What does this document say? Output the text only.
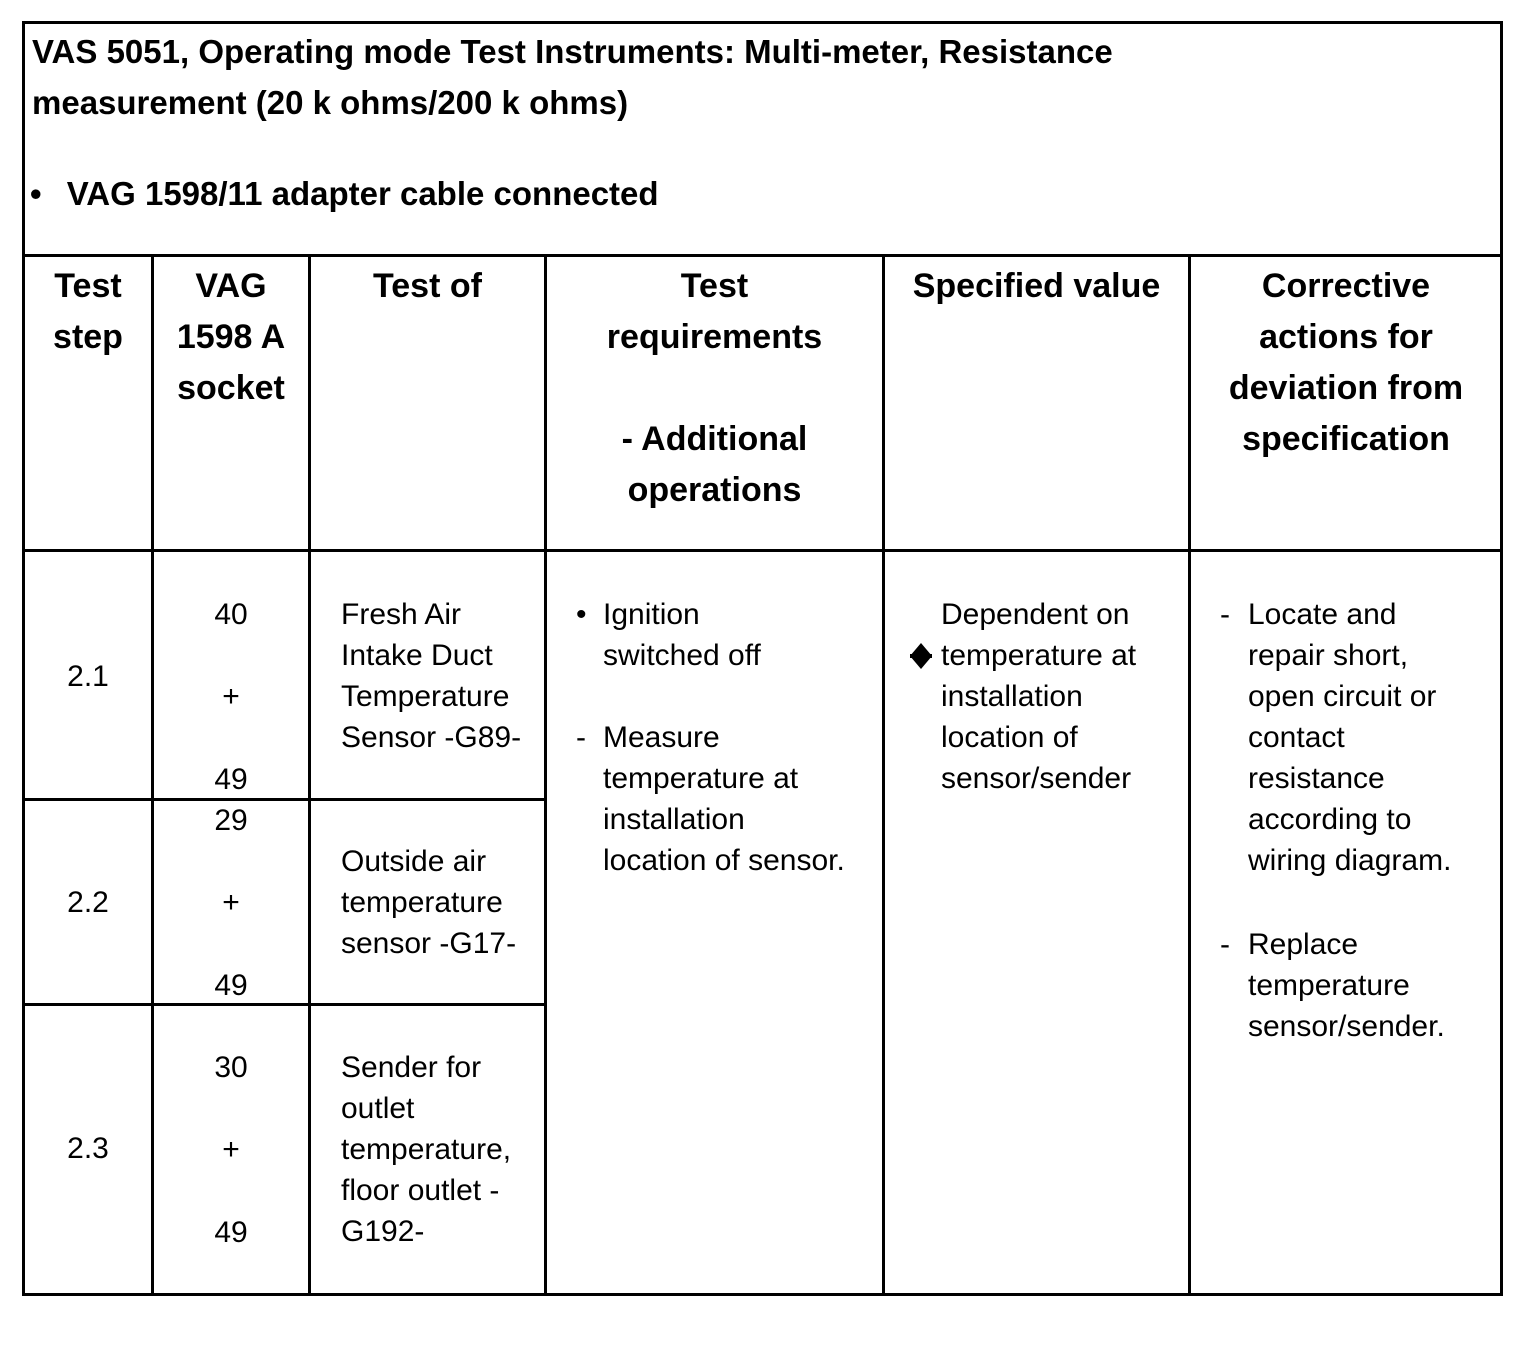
VAS 5051, Operating mode Test Instruments: Multi-meter, Resistance
measurement (20 k ohms/200 k ohms)
• VAG 1598/11 adapter cable connected
Test
step
VAG
1598 A
socket
Test of	Test
requirements

- Additional
operations
Specified value	Corrective
actions for
deviation from
specification
2.1
40
+
49
Fresh Air
Intake Duct
Temperature
Sensor -G89-
2.2
29
+
49
Outside air
temperature
sensor -G17-
2.3
30
+
49
Sender for
outlet
temperature,
floor outlet -
G192-
• Ignition
switched off
- Measure
temperature at
installation
location of sensor.

Dependent on
temperature at
installation
location of
sensor/sender
- Locate and
repair short,
open circuit or
contact
resistance
according to
wiring diagram.
- Replace
temperature
sensor/sender.
